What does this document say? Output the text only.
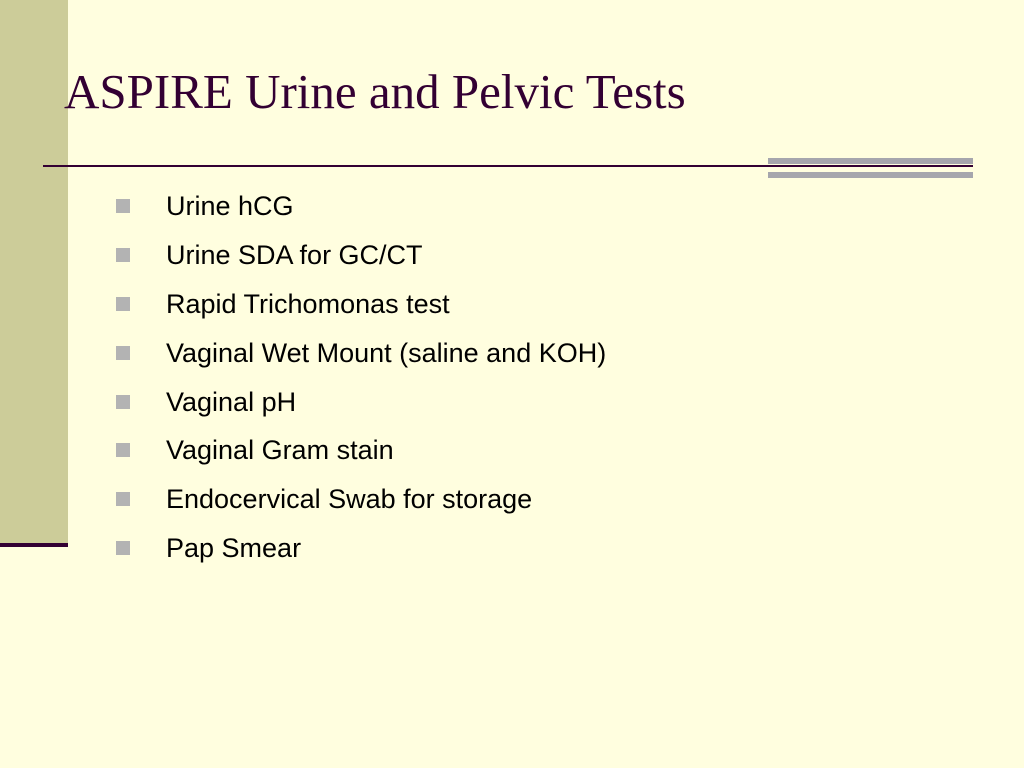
ASPIRE Urine and Pelvic Tests
Urine hCG
Urine SDA for GC/CT
Rapid Trichomonas test
Vaginal Wet Mount (saline and KOH)
Vaginal pH
Vaginal Gram stain
Endocervical Swab for storage
Pap Smear
